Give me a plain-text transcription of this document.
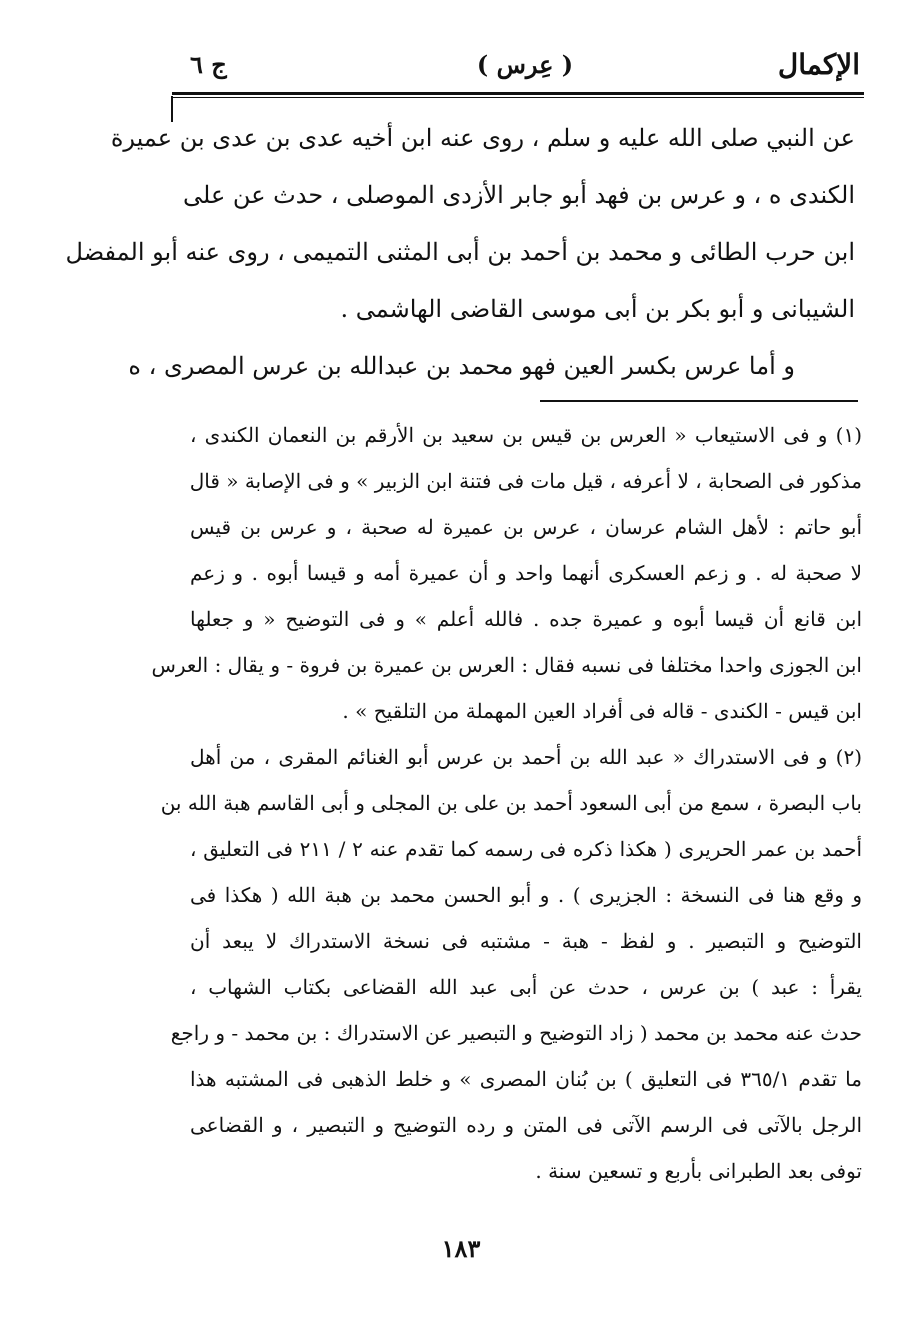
الإكمال
( عِرس )
ج ٦
عن النبي صلى الله عليه و سلم ، روى عنه ابن أخيه عدى بن عدى بن عميرة
الكندى ه ، و عرس بن فهد أبو جابر الأزدى الموصلى ، حدث عن على
ابن حرب الطائى و محمد بن أحمد بن أبى المثنى التميمى ، روى عنه أبو المفضل
الشيبانى و أبو بكر بن أبى موسى القاضى الهاشمى .
و أما عرس بكسر العين فهو محمد بن عبدالله بن عرس المصرى ، ه
(١) و فى الاستيعاب « العرس بن قيس بن سعيد بن الأرقم بن النعمان الكندى ،
مذكور فى الصحابة ، لا أعرفه ، قيل مات فى فتنة ابن الزبير » و فى الإصابة « قال
أبو حاتم : لأهل الشام عرسان ، عرس بن عميرة له صحبة ، و عرس بن قيس
لا صحبة له . و زعم العسكرى أنهما واحد و أن عميرة أمه و قيسا أبوه . و زعم
ابن قانع أن قيسا أبوه و عميرة جده . فالله أعلم » و فى التوضيح « و جعلها
ابن الجوزى واحدا مختلفا فى نسبه فقال : العرس بن عميرة بن فروة - و يقال : العرس
ابن قيس - الكندى - قاله فى أفراد العين المهملة من التلقيح » .
(٢) و فى الاستدراك « عبد الله بن أحمد بن عرس أبو الغنائم المقرى ، من أهل
باب البصرة ، سمع من أبى السعود أحمد بن على بن المجلى و أبى القاسم هبة الله بن
أحمد بن عمر الحريرى ( هكذا ذكره فى رسمه كما تقدم عنه ٢ / ٢١١ فى التعليق ،
و وقع هنا فى النسخة : الجزيرى ) . و أبو الحسن محمد بن هبة الله ( هكذا فى
التوضيح و التبصير . و لفظ - هبة - مشتبه فى نسخة الاستدراك لا يبعد أن
يقرأ : عبد ) بن عرس ، حدث عن أبى عبد الله القضاعى بكتاب الشهاب ،
حدث عنه محمد بن محمد ( زاد التوضيح و التبصير عن الاستدراك : بن محمد - و راجع
ما تقدم ٣٦٥/١ فى التعليق ) بن بُنان المصرى » و خلط الذهبى فى المشتبه هذا
الرجل بالآتى فى الرسم الآتى فى المتن و رده التوضيح و التبصير ، و القضاعى
توفى بعد الطبرانى بأربع و تسعين سنة .
١٨٣
